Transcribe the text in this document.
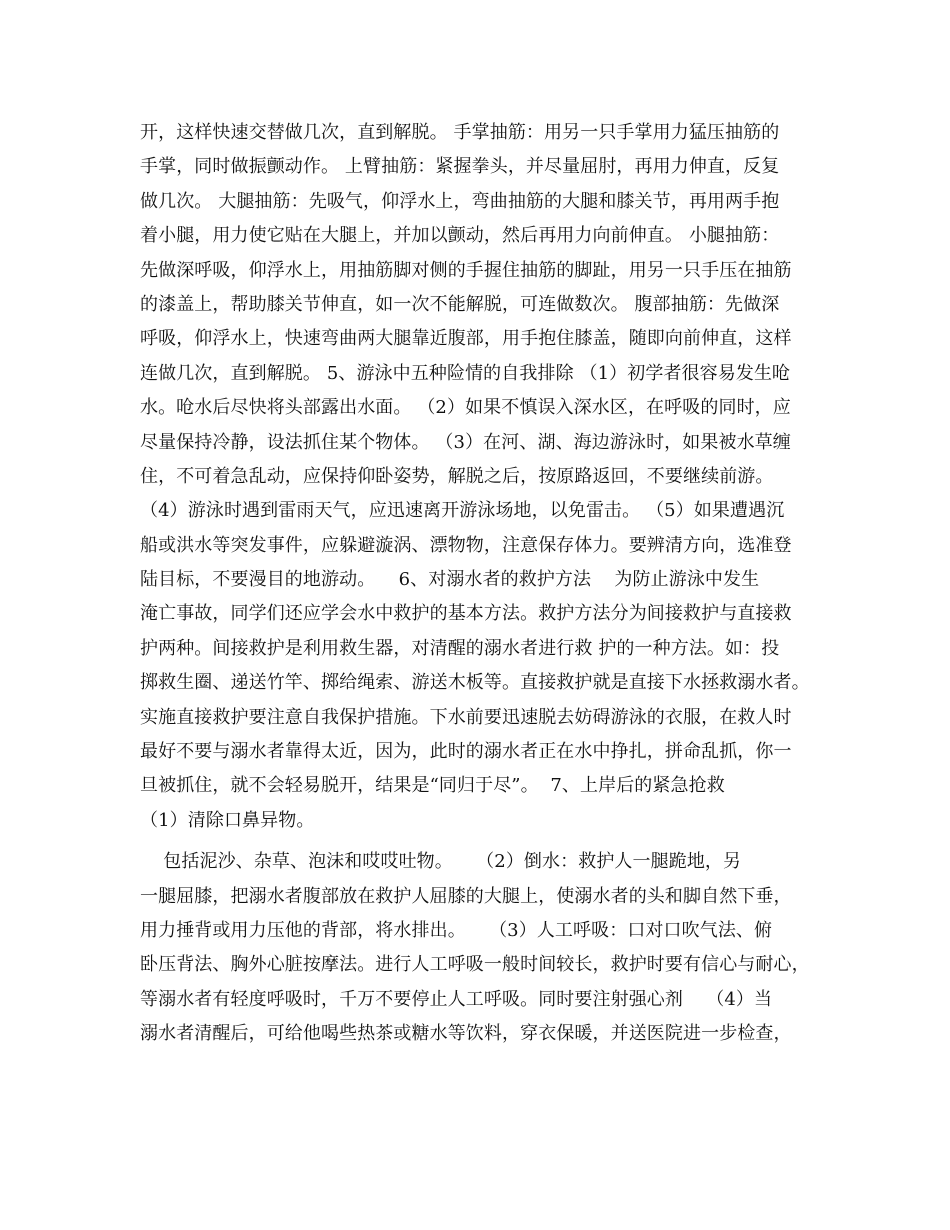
开，这样快速交替做几次，直到解脱。 手掌抽筋：用另一只手掌用力猛压抽筋的
手掌，同时做振颤动作。 上臂抽筋：紧握拳头，并尽量屈肘，再用力伸直，反复
做几次。 大腿抽筋：先吸气，仰浮水上，弯曲抽筋的大腿和膝关节，再用两手抱
着小腿，用力使它贴在大腿上，并加以颤动，然后再用力向前伸直。 小腿抽筋：
先做深呼吸，仰浮水上，用抽筋脚对侧的手握住抽筋的脚趾，用另一只手压在抽筋
的漆盖上，帮助膝关节伸直，如一次不能解脱，可连做数次。 腹部抽筋：先做深
呼吸，仰浮水上，快速弯曲两大腿靠近腹部，用手抱住膝盖，随即向前伸直，这样
连做几次，直到解脱。 5、游泳中五种险情的自我排除 （1）初学者很容易发生呛
水。呛水后尽快将头部露出水面。 （2）如果不慎误入深水区，在呼吸的同时，应
尽量保持冷静，设法抓住某个物体。 （3）在河、湖、海边游泳时，如果被水草缠
住，不可着急乱动，应保持仰卧姿势，解脱之后，按原路返回，不要继续前游。
（4）游泳时遇到雷雨天气，应迅速离开游泳场地，以免雷击。 （5）如果遭遇沉
船或洪水等突发事件，应躲避漩涡、漂物物，注意保存体力。要辨清方向，选准登
陆目标，不要漫目的地游动。    6、对溺水者的救护方法    为防止游泳中发生
淹亡事故，同学们还应学会水中救护的基本方法。救护方法分为间接救护与直接救
护两种。间接救护是利用救生器，对清醒的溺水者进行救 护的一种方法。如：投
掷救生圈、递送竹竿、掷给绳索、游送木板等。直接救护就是直接下水拯救溺水者。
实施直接救护要注意自我保护措施。下水前要迅速脱去妨碍游泳的衣服，在救人时
最好不要与溺水者靠得太近，因为，此时的溺水者正在水中挣扎，拼命乱抓，你一
旦被抓住，就不会轻易脱开，结果是“同归于尽”。  7、上岸后的紧急抢救
（1）清除口鼻异物。
包括泥沙、杂草、泡沫和哎哎吐物。    （2）倒水：救护人一腿跪地，另
一腿屈膝，把溺水者腹部放在救护人屈膝的大腿上，使溺水者的头和脚自然下垂，
用力捶背或用力压他的背部，将水排出。    （3）人工呼吸：口对口吹气法、俯
卧压背法、胸外心脏按摩法。进行人工呼吸一般时间较长，救护时要有信心与耐心，
等溺水者有轻度呼吸时，千万不要停止人工呼吸。同时要注射强心剂    （4）当
溺水者清醒后，可给他喝些热茶或糖水等饮料，穿衣保暖，并送医院进一步检查，
